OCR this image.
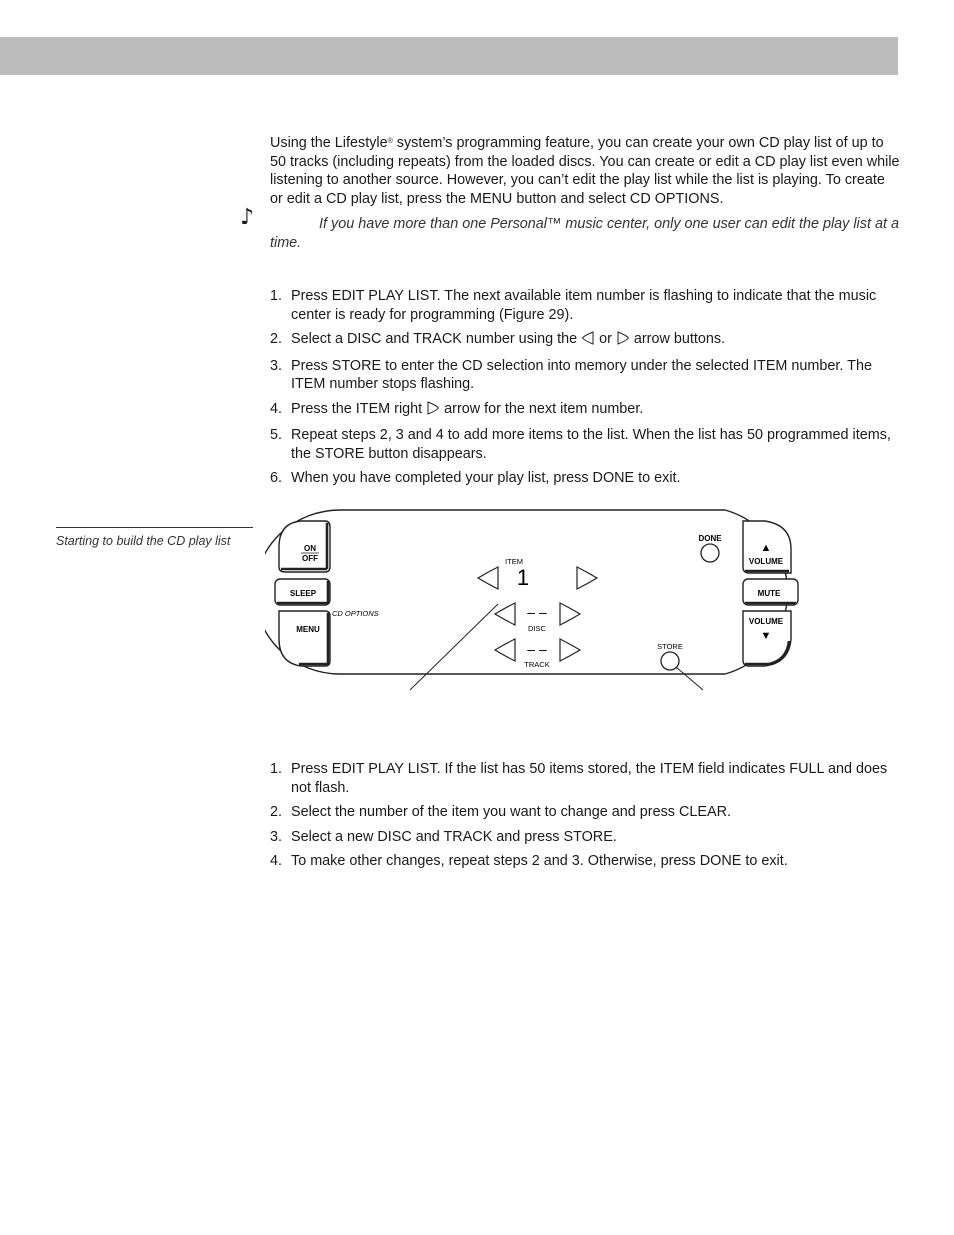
Using the Lifestyle® system’s programming feature, you can create your own CD play list of up to 50 tracks (including repeats) from the loaded discs. You can create or edit a CD play list even while listening to another source. However, you can’t edit the play list while the list is playing. To create or edit a CD play list, press the MENU button and select CD OPTIONS.

♪	If you have more than one Personal™ music center, only one user can edit the play list at a time.

1. Press EDIT PLAY LIST. The next available item number is flashing to indicate that the music center is ready for programming (Figure 29).
2. Select a DISC and TRACK number using the  or  arrow buttons.
3. Press STORE to enter the CD selection into memory under the selected ITEM number. The ITEM number stops flashing.
4. Press the ITEM right  arrow for the next item number.
5. Repeat steps 2, 3 and 4 to add more items to the list. When the list has 50 programmed items, the STORE button disappears.
6. When you have completed your play list, press DONE to exit.
Starting to build the CD play list
ON
OFF
SLEEP
MENU
CD OPTIONS
▲
VOLUME
MUTE
VOLUME
▼
DONE
STORE
ITEM
1
– –
DISC
– –
TRACK
1. Press EDIT PLAY LIST. If the list has 50 items stored, the ITEM field indicates FULL and does not flash.
2. Select the number of the item you want to change and press CLEAR.
3. Select a new DISC and TRACK and press STORE.
4. To make other changes, repeat steps 2 and 3. Otherwise, press DONE to exit.
